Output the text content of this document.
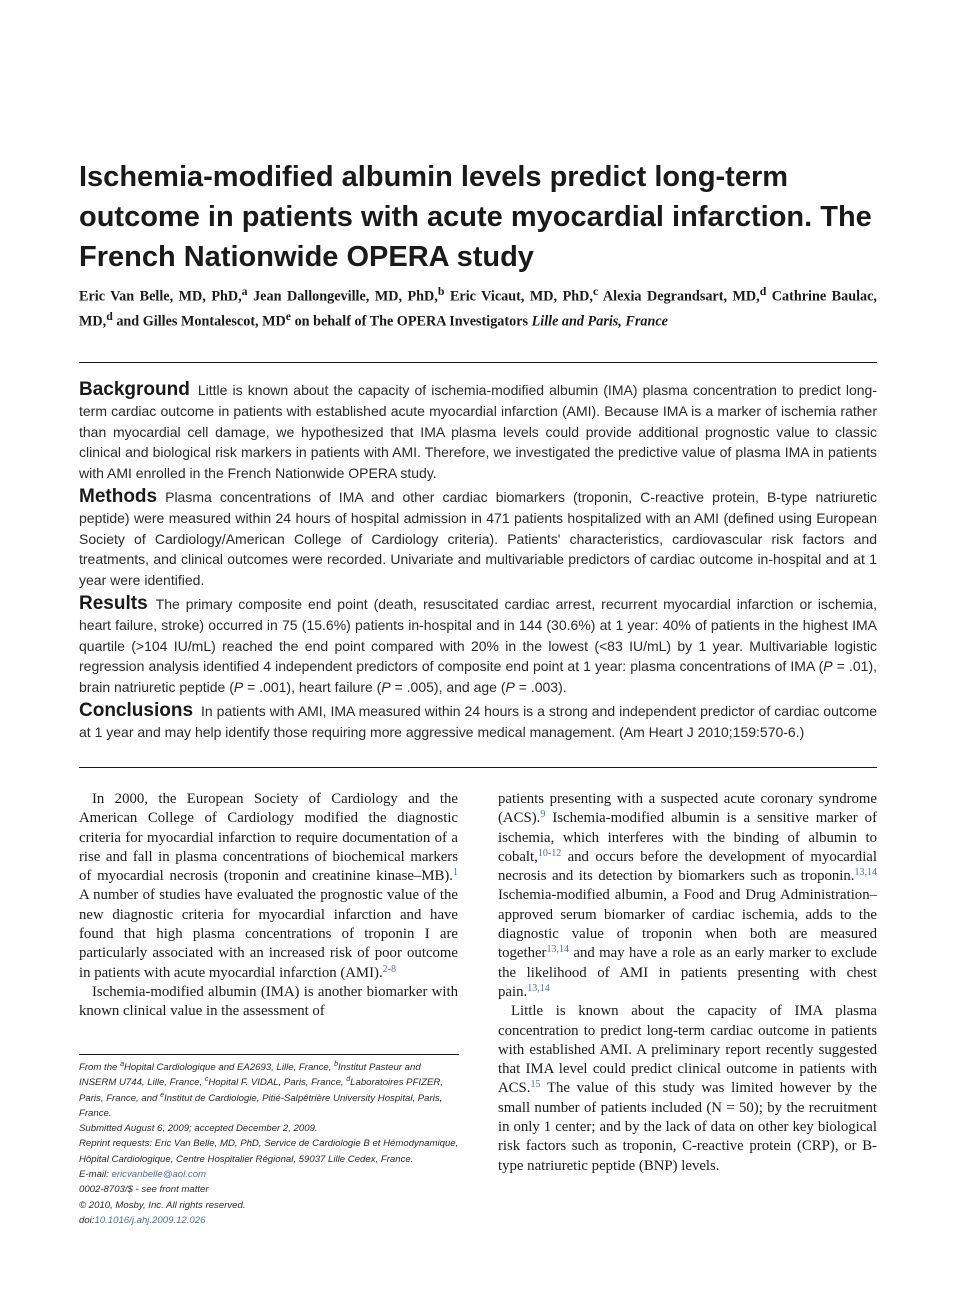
Ischemia-modified albumin levels predict long-term outcome in patients with acute myocardial infarction. The French Nationwide OPERA study

Eric Van Belle, MD, PhD,$^a$ Jean Dallongeville, MD, PhD,$^b$ Eric Vicaut, MD, PhD,$^c$ Alexia Degrandsart, MD,$^d$ Cathrine Baulac, MD,$^d$ and Gilles Montalescot, MDe on behalf of The OPERA Investigators Lille and Paris, France

Background Little is known about the capacity of ischemia-modified albumin (IMA) plasma concentration to predict long-term cardiac outcome in patients with established acute myocardial infarction (AMI). Because IMA is a marker of ischemia rather than myocardial cell damage, we hypothesized that IMA plasma levels could provide additional prognostic value to classic clinical and biological risk markers in patients with AMI. Therefore, we investigated the predictive value of plasma IMA in patients with AMI enrolled in the French Nationwide OPERA study.

Methods Plasma concentrations of IMA and other cardiac biomarkers (troponin, C-reactive protein, B-type natriuretic peptide) were measured within 24 hours of hospital admission in 471 patients hospitalized with an AMI (defined using European Society of Cardiology/American College of Cardiology criteria). Patients' characteristics, cardiovascular risk factors and treatments, and clinical outcomes were recorded. Univariate and multivariable predictors of cardiac outcome in-hospital and at 1 year were identified.

Results The primary composite end point (death, resuscitated cardiac arrest, recurrent myocardial infarction or ischemia, heart failure, stroke) occurred in 75 (15.6%) patients in-hospital and in 144 (30.6%) at 1 year: 40% of patients in the highest IMA quartile (>104 IU/mL) reached the end point compared with 20% in the lowest (<83 IU/mL) by 1 year. Multivariable logistic regression analysis identified 4 independent predictors of composite end point at 1 year: plasma concentrations of IMA (P = .01), brain natriuretic peptide (P = .001), heart failure (P = .005), and age (P = .003).

Conclusions In patients with AMI, IMA measured within 24 hours is a strong and independent predictor of cardiac outcome at 1 year and may help identify those requiring more aggressive medical management. (Am Heart J 2010;159:570-6.)

In 2000, the European Society of Cardiology and the American College of Cardiology modified the diagnostic criteria for myocardial infarction to require documentation of a rise and fall in plasma concentrations of biochemical markers of myocardial necrosis (troponin and creatinine kinase–MB).$^1$ A number of studies have evaluated the prognostic value of the new diagnostic criteria for myocardial infarction and have found that high plasma concentrations of troponin I are particularly associated with an increased risk of poor outcome in patients with acute myocardial infarction (AMI).$^{2-8}$

Ischemia-modified albumin (IMA) is another biomarker with known clinical value in the assessment of

From the $^a$Hopital Cardiologique and EA2693, Lille, France, $^b$Institut Pasteur and INSERM U744, Lille, France, $^c$Hopital F. VIDAL, Paris, France, $^d$Laboratoires PFIZER, Paris, France, and $^e$Institut de Cardiologie, Pitié-Salpêtrière University Hospital, Paris, France.
Submitted August 6, 2009; accepted December 2, 2009.
Reprint requests: Eric Van Belle, MD, PhD, Service de Cardiologie B et Hémodynamique, Hôpital Cardiologique, Centre Hospitalier Régional, 59037 Lille Cedex, France.
E-mail: ericvanbelle@aol.com
0002-8703/$ - see front matter
© 2010, Mosby, Inc. All rights reserved.
doi:10.1016/j.ahj.2009.12.026

patients presenting with a suspected acute coronary syndrome (ACS).$^9$ Ischemia-modified albumin is a sensitive marker of ischemia, which interferes with the binding of albumin to cobalt,$^{10-12}$ and occurs before the development of myocardial necrosis and its detection by biomarkers such as troponin.$^{13,14}$ Ischemia-modified albumin, a Food and Drug Administration–approved serum biomarker of cardiac ischemia, adds to the diagnostic value of troponin when both are measured together$^{13,14}$ and may have a role as an early marker to exclude the likelihood of AMI in patients presenting with chest pain.$^{13,14}$

Little is known about the capacity of IMA plasma concentration to predict long-term cardiac outcome in patients with established AMI. A preliminary report recently suggested that IMA level could predict clinical outcome in patients with ACS.$^{15}$ The value of this study was limited however by the small number of patients included (N = 50); by the recruitment in only 1 center; and by the lack of data on other key biological risk factors such as troponin, C-reactive protein (CRP), or B-type natriuretic peptide (BNP) levels.
